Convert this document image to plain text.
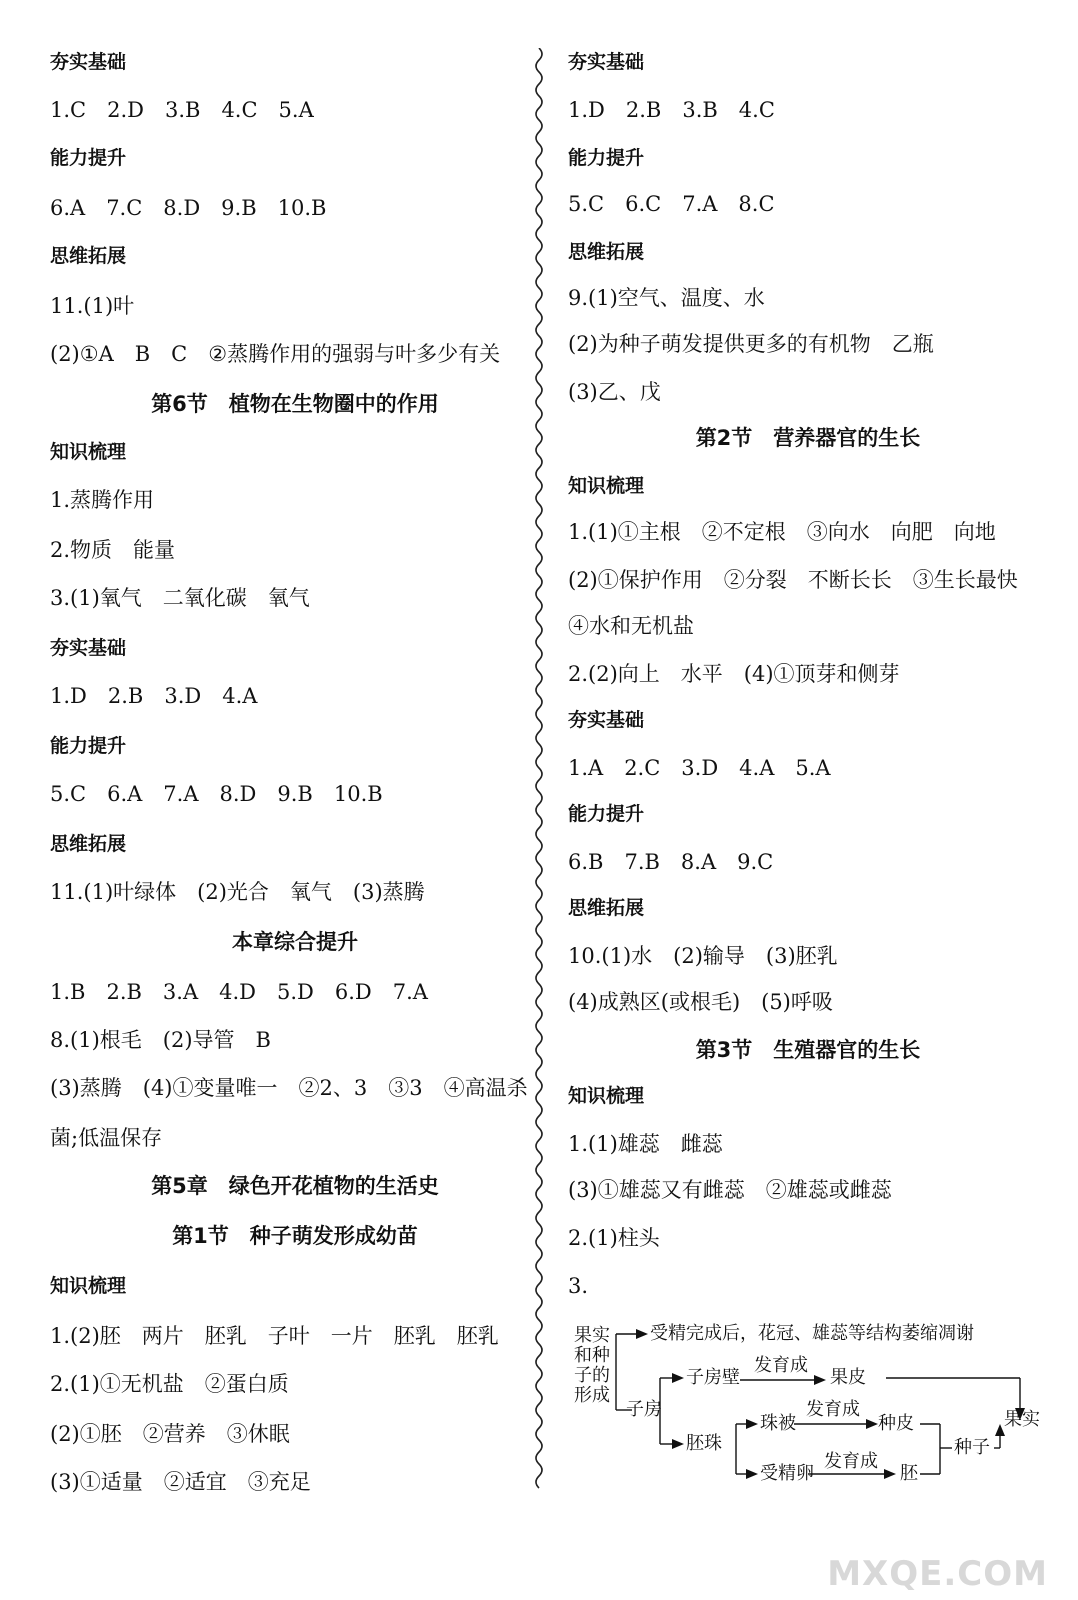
夯实基础
1.C　2.D　3.B　4.C　5.A
能力提升
6.A　7.C　8.D　9.B　10.B
思维拓展
11.(1)叶
(2)①A　B　C　②蒸腾作用的强弱与叶多少有关
第6节　植物在生物圈中的作用
知识梳理
1.蒸腾作用
2.物质　能量
3.(1)氧气　二氧化碳　氧气
夯实基础
1.D　2.B　3.D　4.A
能力提升
5.C　6.A　7.A　8.D　9.B　10.B
思维拓展
11.(1)叶绿体　(2)光合　氧气　(3)蒸腾
本章综合提升
1.B　2.B　3.A　4.D　5.D　6.D　7.A
8.(1)根毛　(2)导管　B
(3)蒸腾　(4)①变量唯一　②2、3　③3　④高温杀
菌;低温保存
第5章　绿色开花植物的生活史
第1节　种子萌发形成幼苗
知识梳理
1.(2)胚　两片　胚乳　子叶　一片　胚乳　胚乳
2.(1)①无机盐　②蛋白质
(2)①胚　②营养　③休眠
(3)①适量　②适宜　③充足
夯实基础
1.D　2.B　3.B　4.C
能力提升
5.C　6.C　7.A　8.C
思维拓展
9.(1)空气、温度、水
(2)为种子萌发提供更多的有机物　乙瓶
(3)乙、戊
第2节　营养器官的生长
知识梳理
1.(1)①主根　②不定根　③向水　向肥　向地
(2)①保护作用　②分裂　不断长长　③生长最快
④水和无机盐
2.(2)向上　水平　(4)①顶芽和侧芽
夯实基础
1.A　2.C　3.D　4.A　5.A
能力提升
6.B　7.B　8.A　9.C
思维拓展
10.(1)水　(2)输导　(3)胚乳
(4)成熟区(或根毛)　(5)呼吸
第3节　生殖器官的生长
知识梳理
1.(1)雄蕊　雌蕊
(3)①雄蕊又有雌蕊　②雄蕊或雌蕊
2.(1)柱头
3.
果实
和种
子的
形成
受精完成后，花冠、雄蕊等结构萎缩凋谢
子房壁
发育成
果皮
子房
胚珠
珠被
发育成
种皮
受精卵
发育成
胚
种子
果实
MXQE.COM
